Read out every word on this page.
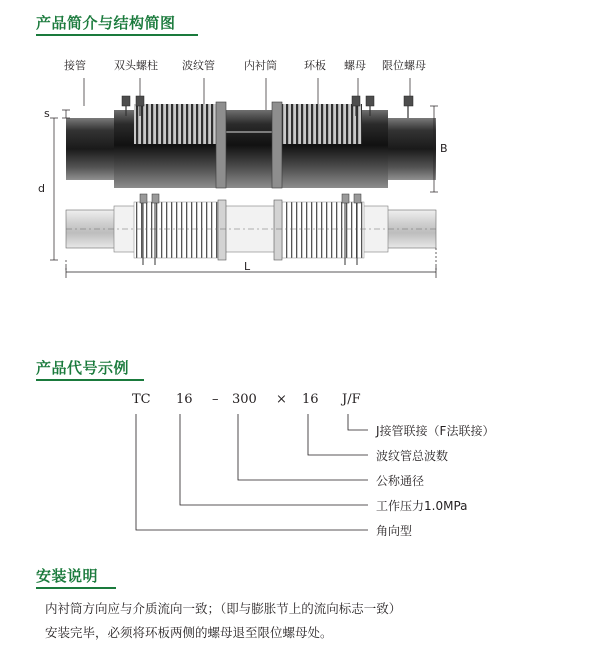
产品简介与结构简图
接管	双头螺柱 波纹管	内衬筒 环板 螺母 限位螺母
s
d
B
L
产品代号示例
TC 16 – 300 × 16 J/F
J接管联接（F法联接）
波纹管总波数
公称通径
工作压力1.0MPa
角向型
安装说明

内衬筒方向应与介质流向一致；（即与膨胀节上的流向标志一致）

安装完毕，必须将环板两侧的螺母退至限位螺母处。
